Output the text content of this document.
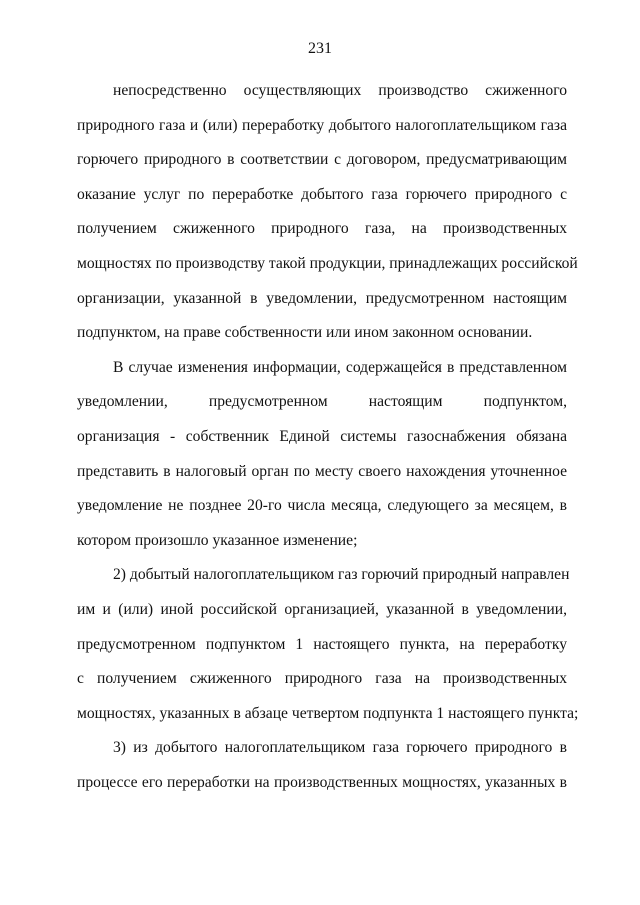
231
непосредственно осуществляющих производство сжиженного
природного газа и (или) переработку добытого налогоплательщиком газа
горючего природного в соответствии с договором, предусматривающим
оказание услуг по переработке добытого газа горючего природного с
получением сжиженного природного газа, на производственных
мощностях по производству такой продукции, принадлежащих российской
организации, указанной в уведомлении, предусмотренном настоящим
подпунктом, на праве собственности или ином законном основании.
В случае изменения информации, содержащейся в представленном
уведомлении, предусмотренном настоящим подпунктом,
организация - собственник Единой системы газоснабжения обязана
представить в налоговый орган по месту своего нахождения уточненное
уведомление не позднее 20-го числа месяца, следующего за месяцем, в
котором произошло указанное изменение;
2) добытый налогоплательщиком газ горючий природный направлен
им и (или) иной российской организацией, указанной в уведомлении,
предусмотренном подпунктом 1 настоящего пункта, на переработку
с получением сжиженного природного газа на производственных
мощностях, указанных в абзаце четвертом подпункта 1 настоящего пункта;
3) из добытого налогоплательщиком газа горючего природного в
процессе его переработки на производственных мощностях, указанных в
